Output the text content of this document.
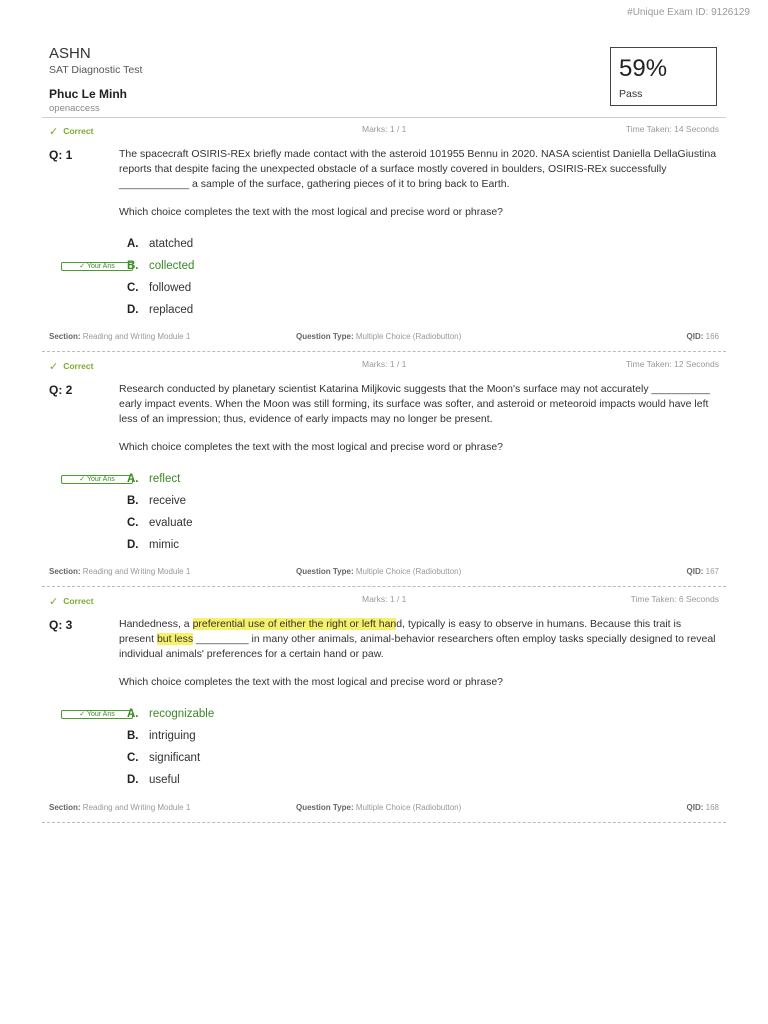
#Unique Exam ID: 9126129
ASHN
SAT Diagnostic Test
Phuc Le Minh
openaccess
59%
Pass
✓ Correct	Marks: 1 / 1	Time Taken: 14 Seconds
Q: 1	The spacecraft OSIRIS-REx briefly made contact with the asteroid 101955 Bennu in 2020. NASA scientist Daniella DellaGiustina reports that despite facing the unexpected obstacle of a surface mostly covered in boulders, OSIRIS-REx successfully ____________ a sample of the surface, gathering pieces of it to bring back to Earth.
Which choice completes the text with the most logical and precise word or phrase?
A. atatched
✓ Your Ans	B. collected
C. followed
D. replaced
Section: Reading and Writing Module 1	Question Type: Multiple Choice (Radiobutton)	QID: 166
✓ Correct	Marks: 1 / 1	Time Taken: 12 Seconds
Q: 2	Research conducted by planetary scientist Katarina Miljkovic suggests that the Moon's surface may not accurately __________ early impact events. When the Moon was still forming, its surface was softer, and asteroid or meteoroid impacts would have left less of an impression; thus, evidence of early impacts may no longer be present.
Which choice completes the text with the most logical and precise word or phrase?
✓ Your Ans	A. reflect
B. receive
C. evaluate
D. mimic
Section: Reading and Writing Module 1	Question Type: Multiple Choice (Radiobutton)	QID: 167
✓ Correct	Marks: 1 / 1	Time Taken: 6 Seconds
Q: 3	Handedness, a preferential use of either the right or left hand, typically is easy to observe in humans. Because this trait is present but less _________ in many other animals, animal-behavior researchers often employ tasks specially designed to reveal individual animals' preferences for a certain hand or paw.
Which choice completes the text with the most logical and precise word or phrase?
✓ Your Ans	A. recognizable
B. intriguing
C. significant
D. useful
Section: Reading and Writing Module 1	Question Type: Multiple Choice (Radiobutton)	QID: 168
